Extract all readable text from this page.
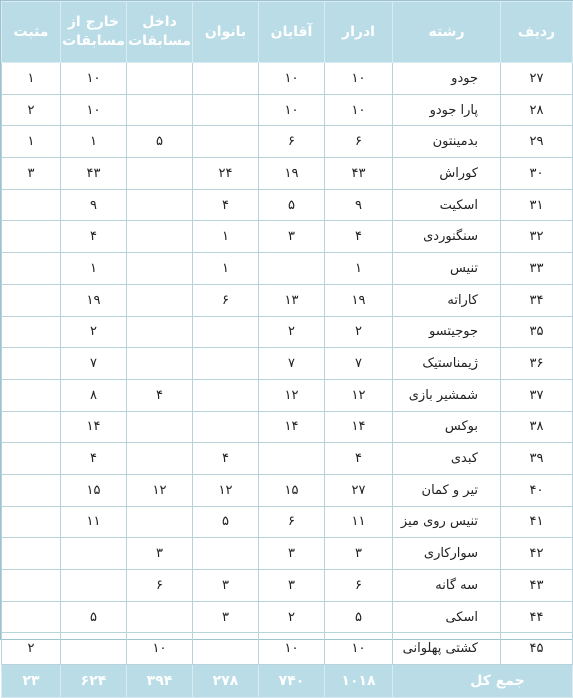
ردیف	رشته	ادرار	آقایان	بانوان	داخل مسابقات	خارج از مسابقات	مثبت
۲۷	جودو	۱۰	۱۰			۱۰	۱
۲۸	پارا جودو	۱۰	۱۰			۱۰	۲
۲۹	بدمینتون	۶	۶		۵	۱	۱
۳۰	کوراش	۴۳	۱۹	۲۴		۴۳	۳
۳۱	اسکیت	۹	۵	۴		۹	
۳۲	سنگنوردی	۴	۳	۱		۴	
۳۳	تنیس	۱		۱		۱	
۳۴	کاراته	۱۹	۱۳	۶		۱۹	
۳۵	جوجیتسو	۲	۲			۲	
۳۶	ژیمناستیک	۷	۷			۷	
۳۷	شمشیر بازی	۱۲	۱۲		۴	۸	
۳۸	بوکس	۱۴	۱۴			۱۴	
۳۹	کبدی	۴		۴		۴	
۴۰	تیر و کمان	۲۷	۱۵	۱۲	۱۲	۱۵	
۴۱	تنیس روی میز	۱۱	۶	۵		۱۱	
۴۲	سوارکاری	۳	۳		۳		
۴۳	سه گانه	۶	۳	۳	۶		
۴۴	اسکی	۵	۲	۳		۵	
۴۵	کشتی پهلوانی	۱۰	۱۰		۱۰		۲
جمع کل		۱۰۱۸	۷۴۰	۲۷۸	۳۹۴	۶۲۴	۲۳
